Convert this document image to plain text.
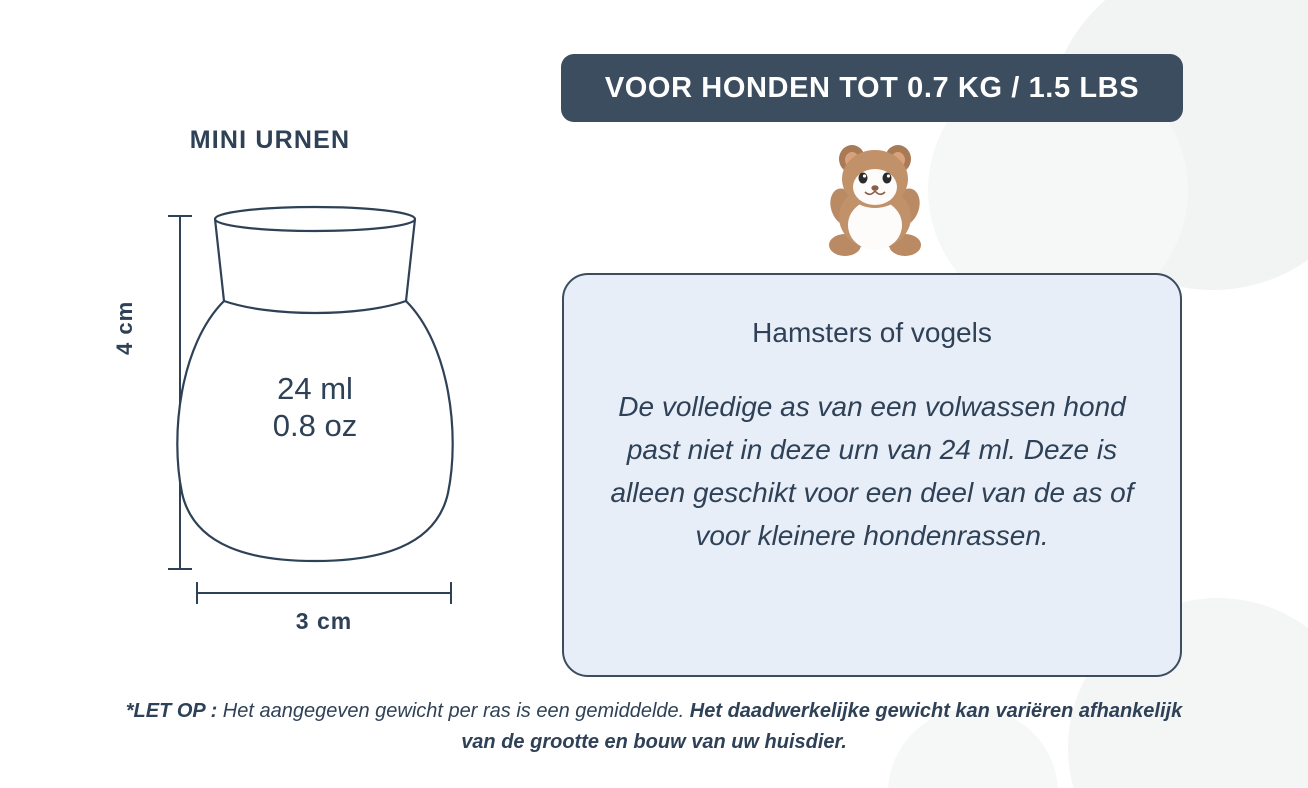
MINI URNEN
4 cm
24 ml
0.8 oz
3 cm
VOOR HONDEN TOT 0.7 KG / 1.5 LBS
Hamsters of vogels
De volledige as van een volwassen hond past niet in deze urn van 24 ml. Deze is alleen geschikt voor een deel van de as of voor kleinere hondenrassen.
*LET OP : Het aangegeven gewicht per ras is een gemiddelde. Het daadwerkelijke gewicht kan variëren afhankelijk van de grootte en bouw van uw huisdier.
